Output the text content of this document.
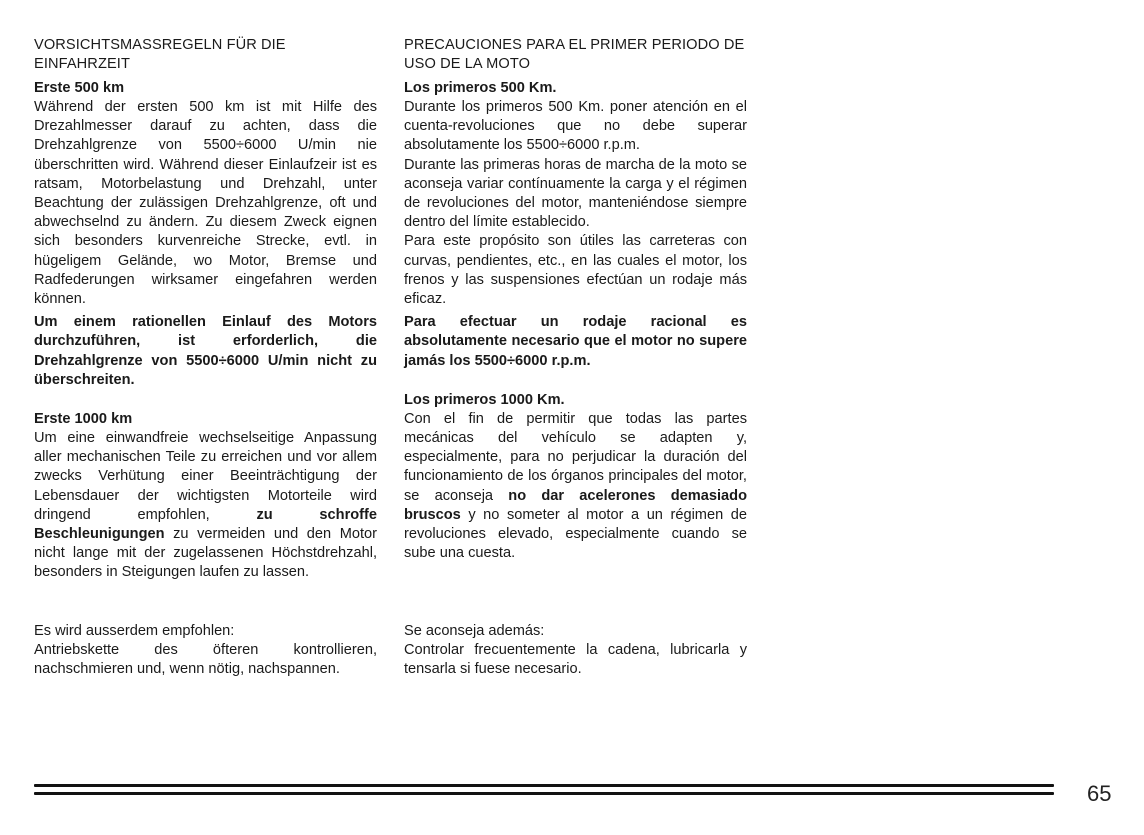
VORSICHTSMASSREGELN FÜR DIE EINFAHRZEIT
Erste 500 km

Während der ersten 500 km ist mit Hilfe des Drezahlmesser darauf zu achten, dass die Drehzahlgrenze von 5500÷6000 U/min nie überschritten wird. Während dieser Einlaufzeir ist es ratsam, Motorbelastung und Drehzahl, unter Beachtung der zulässigen Drehzahlgrenze, oft und abwechselnd zu ändern. Zu diesem Zweck eignen sich besonders kurvenreiche Strecke, evtl. in hügeligem Gelände, wo Motor, Bremse und Radfederungen wirksamer eingefahren werden können.

Um einem rationellen Einlauf des Motors durchzuführen, ist erforderlich, die Drehzahlgrenze von 5500÷6000 U/min nicht zu überschreiten.

Erste 1000 km

Um eine einwandfreie wechselseitige Anpassung aller mechanischen Teile zu erreichen und vor allem zwecks Verhütung einer Beeinträchtigung der Lebensdauer der wichtigsten Motorteile wird dringend empfohlen, zu schroffe Beschleunigungen zu vermeiden und den Motor nicht lange mit der zugelassenen Höchstdrehzahl, besonders in Steigungen laufen zu lassen.

PRECAUCIONES PARA EL PRIMER PERIODO DE USO DE LA MOTO
Los primeros 500 Km.

Durante los primeros 500 Km. poner atención en el cuenta-revoluciones que no debe superar absolutamente los 5500÷6000 r.p.m.

Durante las primeras horas de marcha de la moto se aconseja variar contínuamente la carga y el régimen de revoluciones del motor, manteniéndose siempre dentro del límite establecido.

Para este propósito son útiles las carreteras con curvas, pendientes, etc., en las cuales el motor, los frenos y las suspensiones efectúan un rodaje más eficaz.

Para efectuar un rodaje racional es absolutamente necesario que el motor no supere jamás los 5500÷6000 r.p.m.

Los primeros 1000 Km.

Con el fin de permitir que todas las partes mecánicas del vehículo se adapten y, especialmente, para no perjudicar la duración del funcionamiento de los órganos principales del motor, se aconseja no dar acelerones demasiado bruscos y no someter al motor a un régimen de revoluciones elevado, especialmente cuando se sube una cuesta.

Es wird ausserdem empfohlen:

Antriebskette des öfteren kontrollieren, nachschmieren und, wenn nötig, nachspannen.

Se aconseja además:

Controlar frecuentemente la cadena, lubricarla y tensarla si fuese necesario.

65
